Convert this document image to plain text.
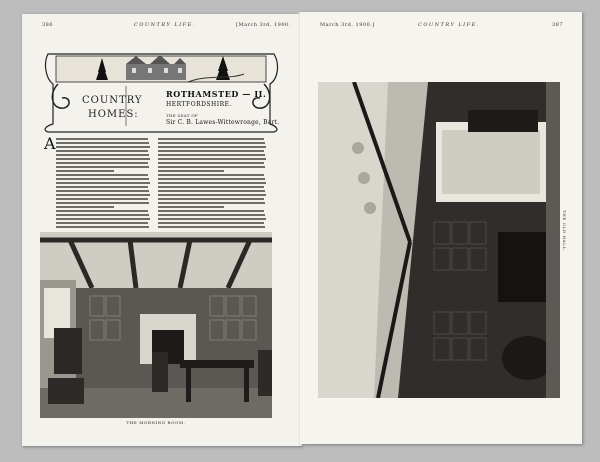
386	COUNTRY LIFE.	[March 3rd, 1900.
COUNTRY
HOMES:
ROTHAMSTED — II.
HERTFORDSHIRE.
THE SEAT OF
Sir C. B. Lawes-Wittewronge, Bart.
A
THE MORNING ROOM.
March 3rd, 1900.]	COUNTRY LIFE.	387
THE OLD HALL.
